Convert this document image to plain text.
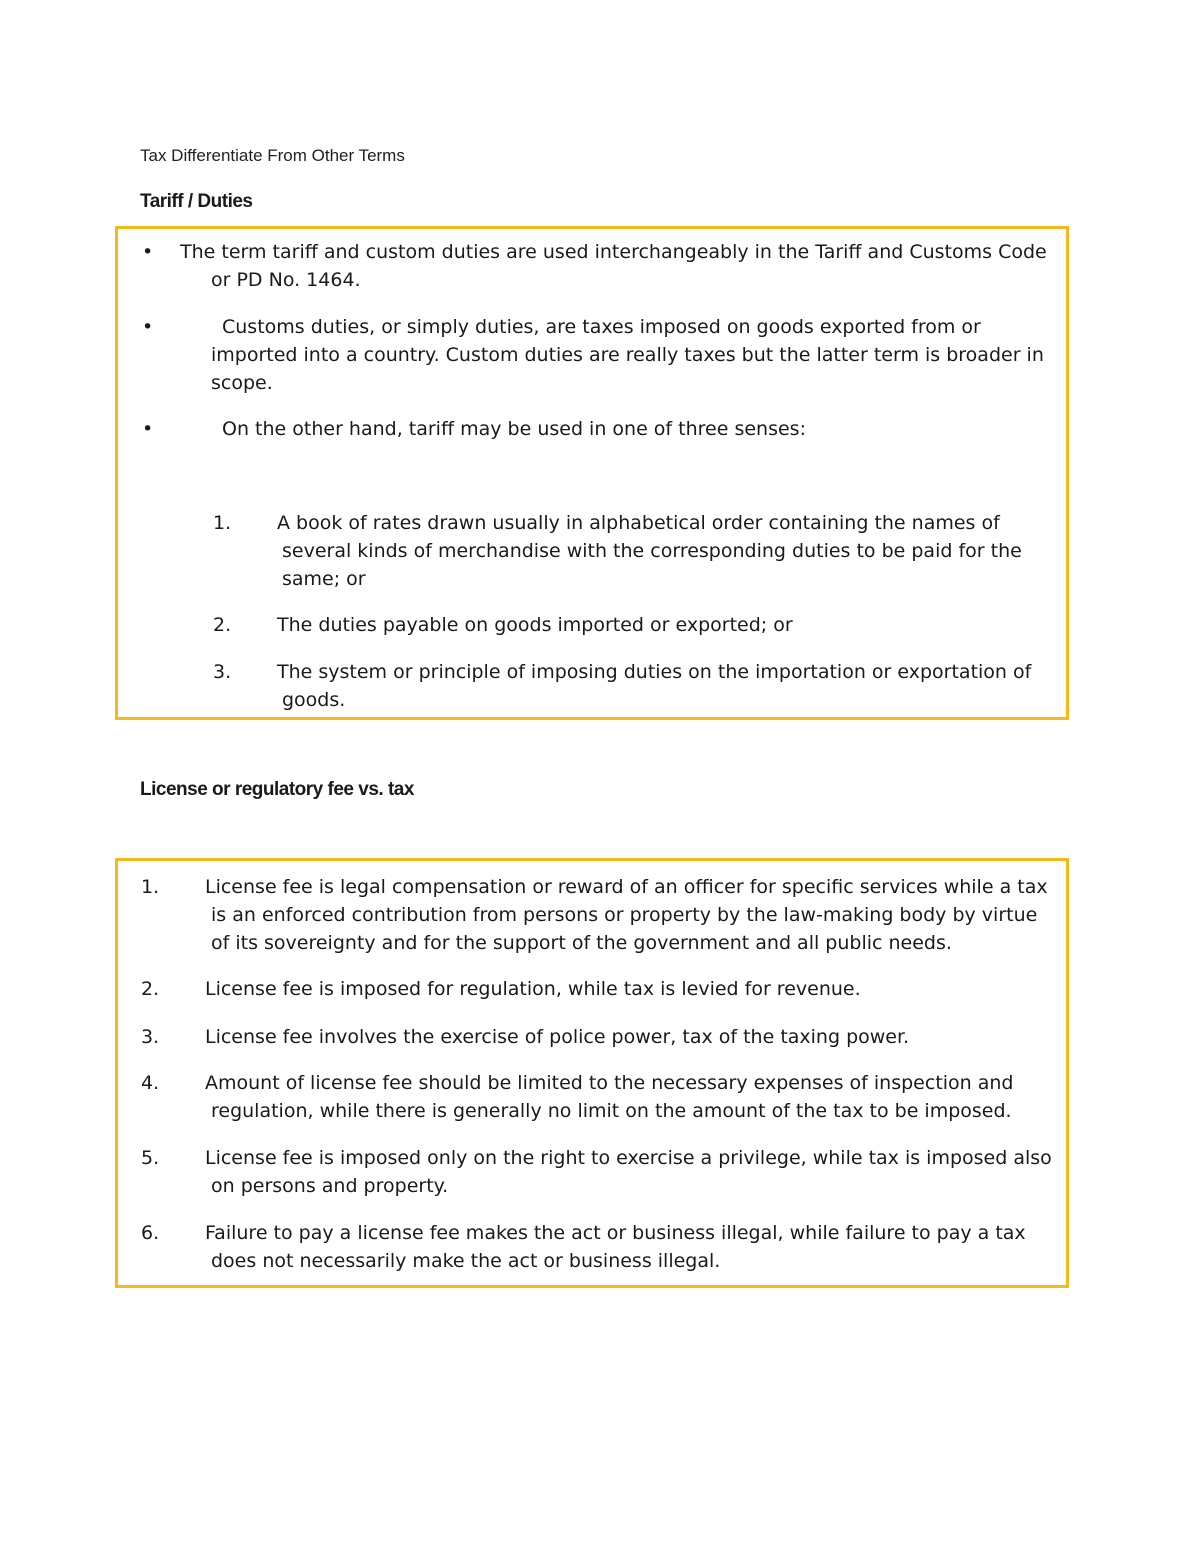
Tax Differentiate From Other Terms
Tariff / Duties
• The term tariff and custom duties are used interchangeably in the Tariff and Customs Code
or PD No. 1464.
•	Customs duties, or simply duties, are taxes imposed on goods exported from or
imported into a country. Custom duties are really taxes but the latter term is broader in
scope.
•	On the other hand, tariff may be used in one of three senses:
1. A book of rates drawn usually in alphabetical order containing the names of
several kinds of merchandise with the corresponding duties to be paid for the
same; or
2. The duties payable on goods imported or exported; or
3. The system or principle of imposing duties on the importation or exportation of
goods.
License or regulatory fee vs. tax
1. License fee is legal compensation or reward of an officer for specific services while a tax
is an enforced contribution from persons or property by the law-making body by virtue
of its sovereignty and for the support of the government and all public needs.
2. License fee is imposed for regulation, while tax is levied for revenue.
3. License fee involves the exercise of police power, tax of the taxing power.
4. Amount of license fee should be limited to the necessary expenses of inspection and
regulation, while there is generally no limit on the amount of the tax to be imposed.
5. License fee is imposed only on the right to exercise a privilege, while tax is imposed also
on persons and property.
6. Failure to pay a license fee makes the act or business illegal, while failure to pay a tax
does not necessarily make the act or business illegal.
